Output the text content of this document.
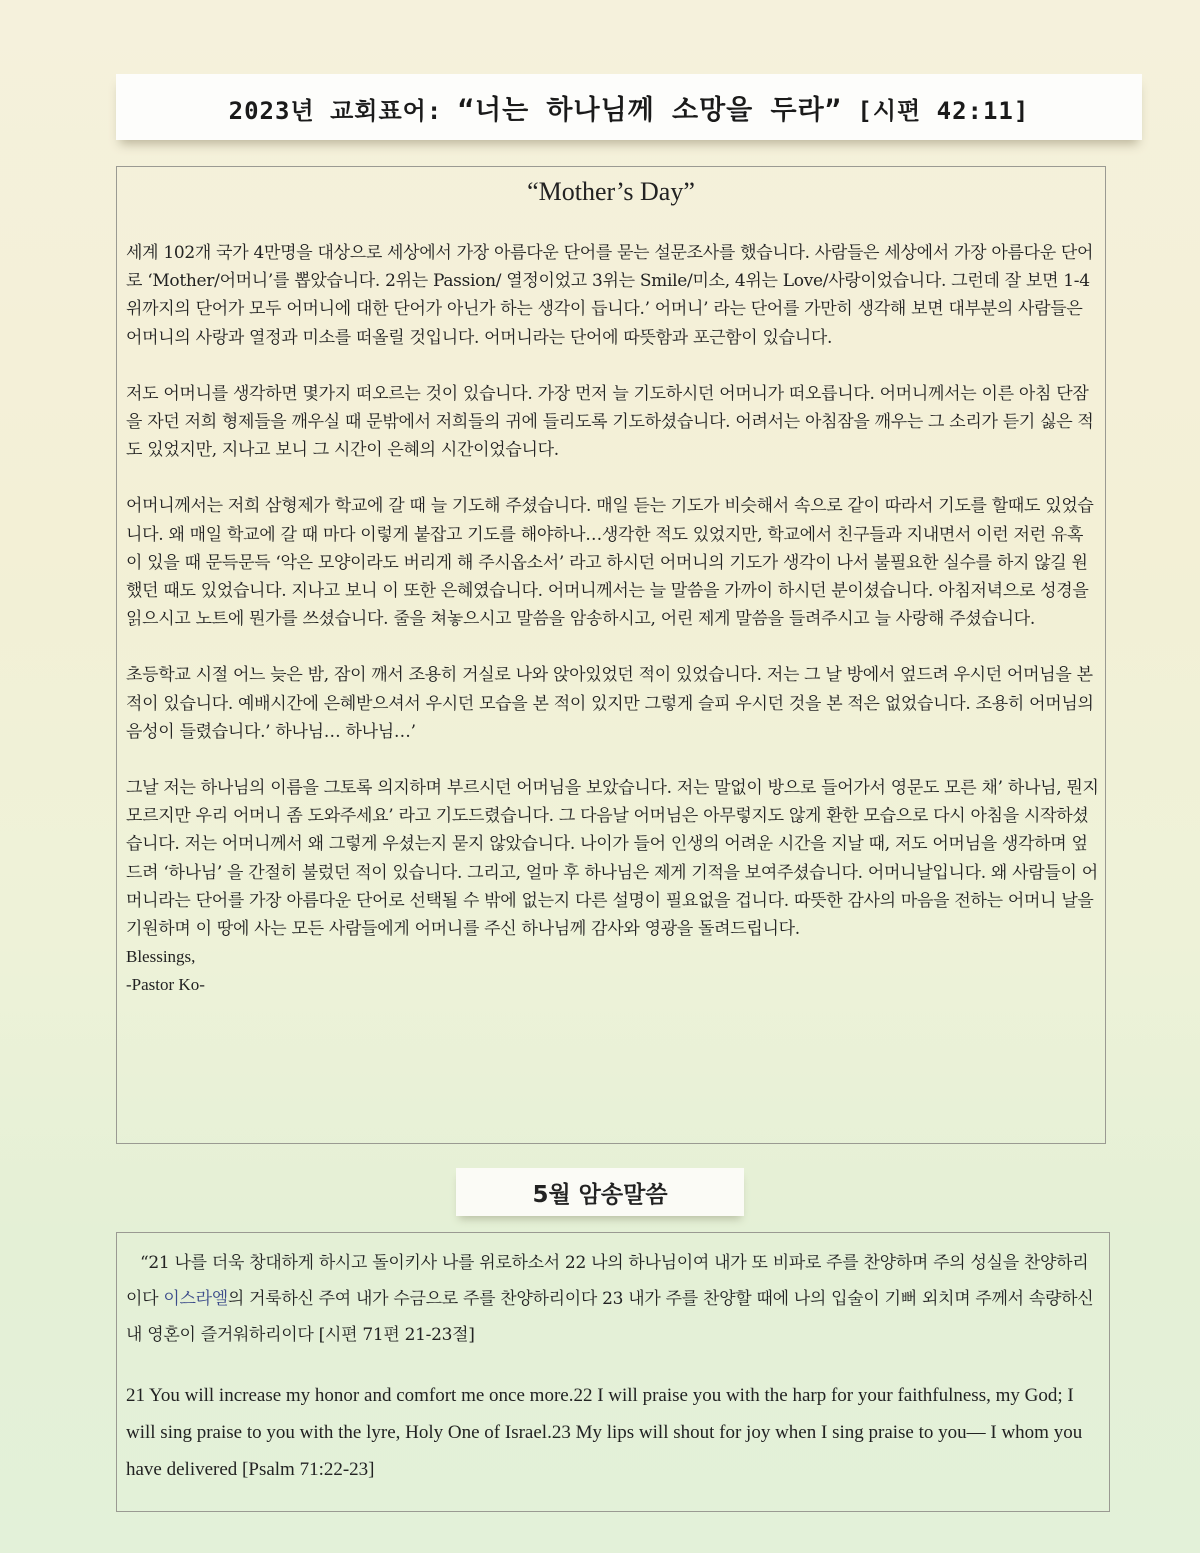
2023년 교회표어: “너는 하나님께 소망을 두라” [시편 42:11]
“Mother’s Day”

세계 102개 국가 4만명을 대상으로 세상에서 가장 아름다운 단어를 묻는 설문조사를 했습니다. 사람들은 세상에서 가장 아름다운 단어로 ‘Mother/어머니’를 뽑았습니다. 2위는 Passion/ 열정이었고 3위는 Smile/미소, 4위는 Love/사랑이었습니다. 그런데 잘 보면 1-4 위까지의 단어가 모두 어머니에 대한 단어가 아닌가 하는 생각이 듭니다.’ 어머니’ 라는 단어를 가만히 생각해 보면 대부분의 사람들은 어머니의 사랑과 열정과 미소를 떠올릴 것입니다. 어머니라는 단어에 따뜻함과 포근함이 있습니다.

저도 어머니를 생각하면 몇가지 떠오르는 것이 있습니다. 가장 먼저 늘 기도하시던 어머니가 떠오릅니다. 어머니께서는 이른 아침 단잠을 자던 저희 형제들을 깨우실 때 문밖에서 저희들의 귀에 들리도록 기도하셨습니다. 어려서는 아침잠을 깨우는 그 소리가 듣기 싫은 적도 있었지만, 지나고 보니 그 시간이 은혜의 시간이었습니다.

어머니께서는 저희 삼형제가 학교에 갈 때 늘 기도해 주셨습니다. 매일 듣는 기도가 비슷해서 속으로 같이 따라서 기도를 할때도 있었습니다. 왜 매일 학교에 갈 때 마다 이렇게 붙잡고 기도를 해야하나…생각한 적도 있었지만, 학교에서 친구들과 지내면서 이런 저런 유혹이 있을 때 문득문득 ‘악은 모양이라도 버리게 해 주시옵소서’ 라고 하시던 어머니의 기도가 생각이 나서 불필요한 실수를 하지 않길 원했던 때도 있었습니다. 지나고 보니 이 또한 은혜였습니다. 어머니께서는 늘 말씀을 가까이 하시던 분이셨습니다. 아침저녁으로 성경을 읽으시고 노트에 뭔가를 쓰셨습니다. 줄을 쳐놓으시고 말씀을 암송하시고, 어린 제게 말씀을 들려주시고 늘 사랑해 주셨습니다.

초등학교 시절 어느 늦은 밤, 잠이 깨서 조용히 거실로 나와 앉아있었던 적이 있었습니다. 저는 그 날 방에서 엎드려 우시던 어머님을 본 적이 있습니다. 예배시간에 은혜받으셔서 우시던 모습을 본 적이 있지만 그렇게 슬피 우시던 것을 본 적은 없었습니다. 조용히 어머님의 음성이 들렸습니다.’ 하나님… 하나님…’

그날 저는 하나님의 이름을 그토록 의지하며 부르시던 어머님을 보았습니다. 저는 말없이 방으로 들어가서 영문도 모른 채’ 하나님, 뭔지 모르지만 우리 어머니 좀 도와주세요’ 라고 기도드렸습니다. 그 다음날 어머님은 아무렇지도 않게 환한 모습으로 다시 아침을 시작하셨습니다. 저는 어머니께서 왜 그렇게 우셨는지 묻지 않았습니다. 나이가 들어 인생의 어려운 시간을 지날 때, 저도 어머님을 생각하며 엎드려 ‘하나님’ 을 간절히 불렀던 적이 있습니다. 그리고, 얼마 후 하나님은 제게 기적을 보여주셨습니다. 어머니날입니다. 왜 사람들이 어머니라는 단어를 가장 아름다운 단어로 선택될 수 밖에 없는지 다른 설명이 필요없을 겁니다. 따뜻한 감사의 마음을 전하는 어머니 날을 기원하며 이 땅에 사는 모든 사람들에게 어머니를 주신 하나님께 감사와 영광을 돌려드립니다.

Blessings,

-Pastor Ko-

5월 암송말씀
“21 나를 더욱 창대하게 하시고 돌이키사 나를 위로하소서 22 나의 하나님이여 내가 또 비파로 주를 찬양하며 주의 성실을 찬양하리이다 이스라엘의 거룩하신 주여 내가 수금으로 주를 찬양하리이다 23 내가 주를 찬양할 때에 나의 입술이 기뻐 외치며 주께서 속량하신 내 영혼이 즐거워하리이다 [시편 71편 21-23절]
21 You will increase my honor and comfort me once more.22 I will praise you with the harp for your faithfulness, my God; I will sing praise to you with the lyre, Holy One of Israel.23 My lips will shout for joy when I sing praise to you— I whom you have delivered [Psalm 71:22-23]
